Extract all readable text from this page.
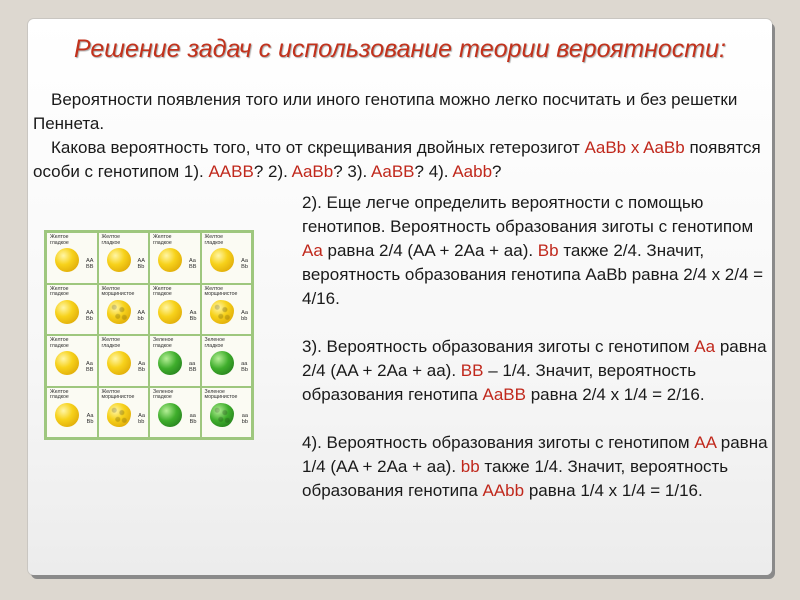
Решение задач с использование теории вероятности:

Вероятности появления того или иного генотипа можно легко посчитать и без решетки Пеннета.

Какова вероятность того, что от скрещивания двойных гетерозигот AaBb x AaBb появятся особи с генотипом 1). AABB? 2). AaBb? 3). AaBB? 4). Aabb?

Желтое
гладкое
AA
BB
Желтое
гладкое
AA
Bb
Желтое
гладкое
Aa
BB
Желтое
гладкое
Aa
Bb
Желтое
гладкое
AA
Bb
Желтое
морщинистое
AA
bb
Желтое
гладкое
Aa
Bb
Желтое
морщинистое
Aa
bb
Желтое
гладкое
Aa
BB
Желтое
гладкое
Aa
Bb
Зеленое
гладкое
aa
BB
Зеленое
гладкое
aa
Bb
Желтое
гладкое
Aa
Bb
Желтое
морщинистое
Aa
bb
Зеленое
гладкое
aa
Bb
Зеленое
морщинистое
aa
bb

2). Еще легче определить вероятности с помощью генотипов. Вероятность образования зиготы с генотипом Aa равна 2/4 (AA + 2Aa + aa). Bb также 2/4. Значит, вероятность образования генотипа AaBb равна 2/4 x 2/4 = 4/16.

3). Вероятность образования зиготы с генотипом Aa равна 2/4 (AA + 2Aa + aa). BB – 1/4. Значит, вероятность образования генотипа AaBB равна 2/4 x 1/4 = 2/16.

4). Вероятность образования зиготы с генотипом AA равна 1/4 (AA + 2Aa + aa). bb также 1/4. Значит, вероятность образования генотипа AAbb равна 1/4 x 1/4 = 1/16.
